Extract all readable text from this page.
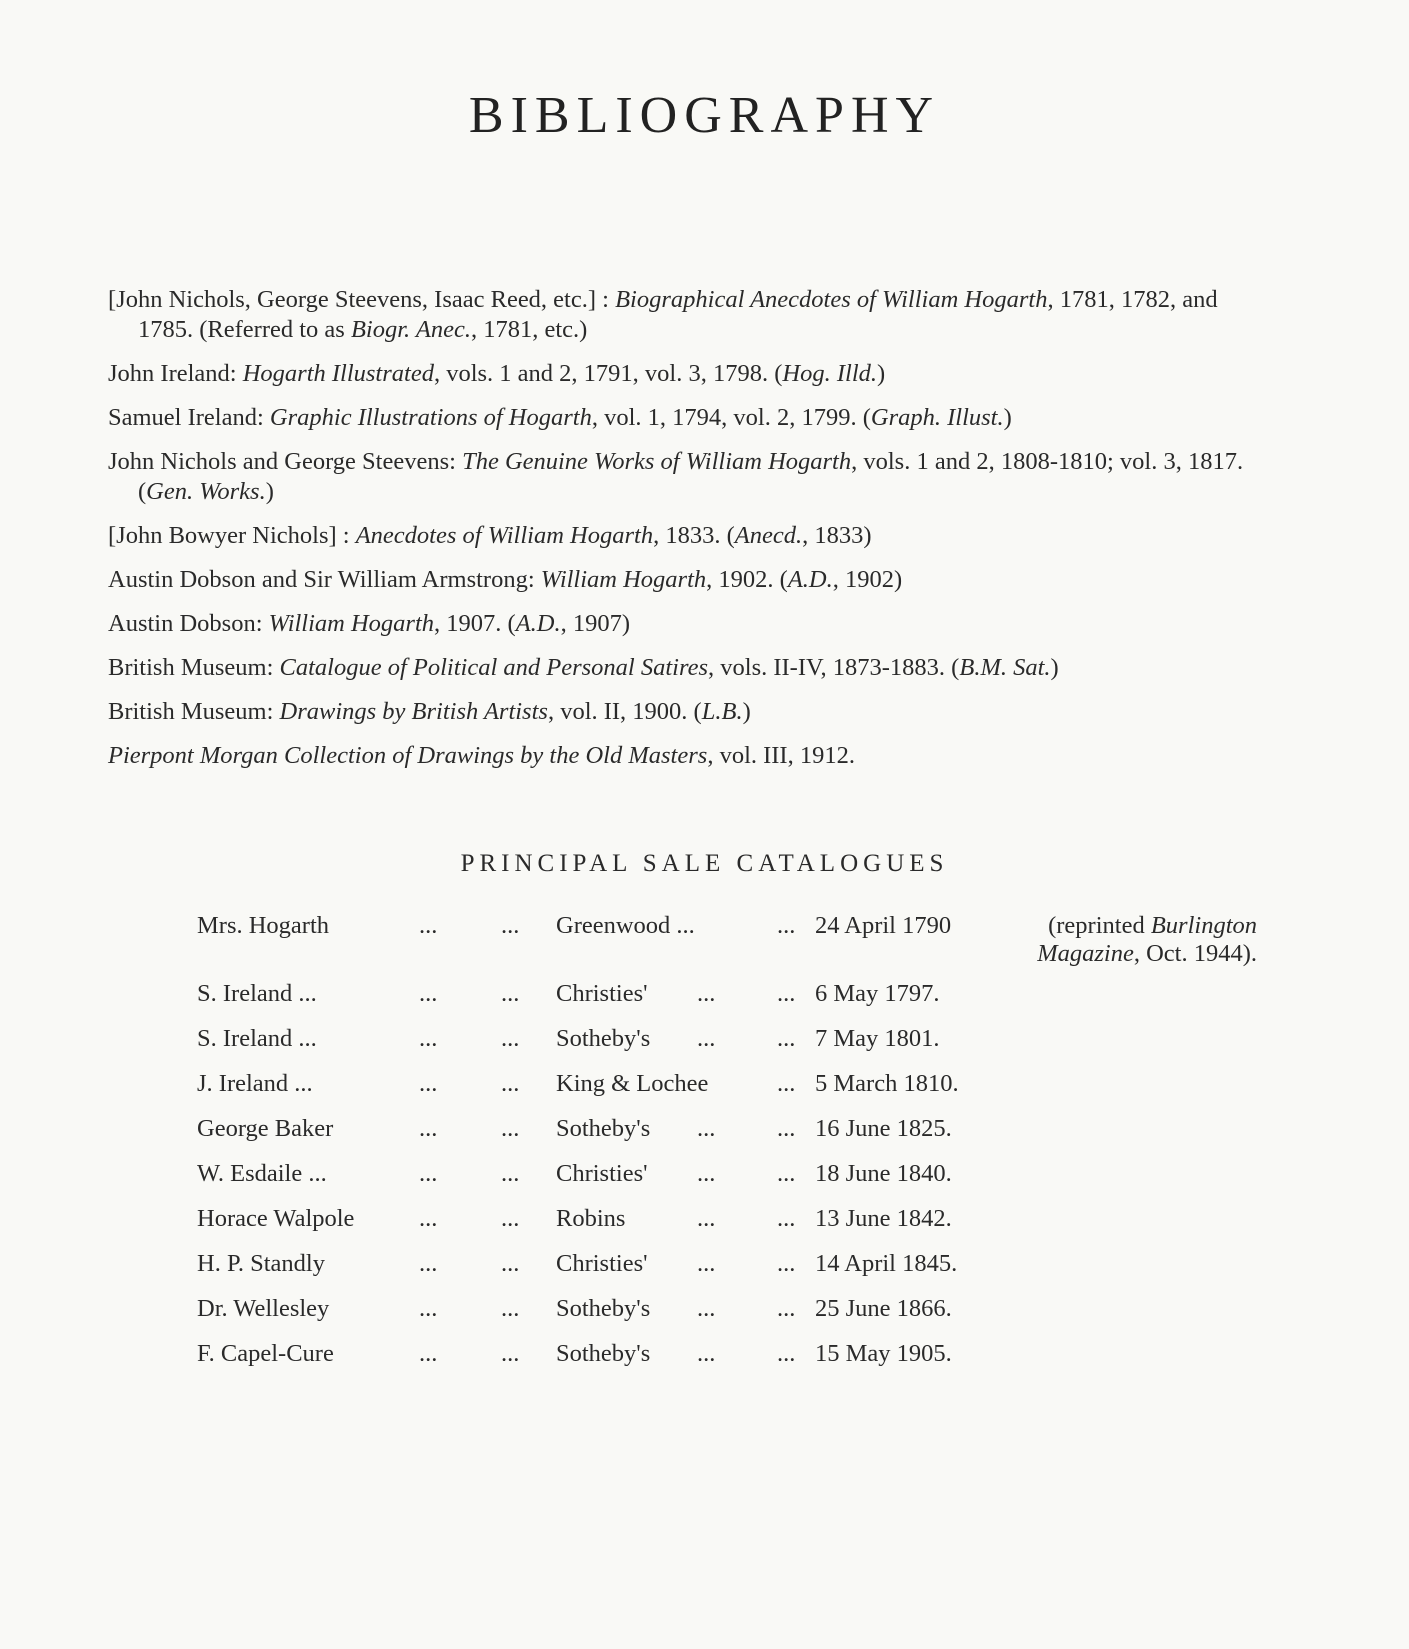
BIBLIOGRAPHY
[John Nichols, George Steevens, Isaac Reed, etc.] : Biographical Anecdotes of William Hogarth, 1781, 1782, and 1785. (Referred to as Biogr. Anec., 1781, etc.)
John Ireland: Hogarth Illustrated, vols. 1 and 2, 1791, vol. 3, 1798. (Hog. Illd.)
Samuel Ireland: Graphic Illustrations of Hogarth, vol. 1, 1794, vol. 2, 1799. (Graph. Illust.)
John Nichols and George Steevens: The Genuine Works of William Hogarth, vols. 1 and 2, 1808-1810; vol. 3, 1817. (Gen. Works.)
[John Bowyer Nichols] : Anecdotes of William Hogarth, 1833. (Anecd., 1833)
Austin Dobson and Sir William Armstrong: William Hogarth, 1902. (A.D., 1902)
Austin Dobson: William Hogarth, 1907. (A.D., 1907)
British Museum: Catalogue of Political and Personal Satires, vols. II-IV, 1873-1883. (B.M. Sat.)
British Museum: Drawings by British Artists, vol. II, 1900. (L.B.)
Pierpont Morgan Collection of Drawings by the Old Masters, vol. III, 1912.
PRINCIPAL SALE CATALOGUES
Mrs. Hogarth	...	... Greenwood ...	... 24 April 1790	(reprinted Burlington Magazine, Oct. 1944).
S. Ireland ...	...	... Christies' ...	... 6 May 1797.
S. Ireland ...	...	... Sotheby's ...	... 7 May 1801.
J. Ireland ...	...	... King & Lochee	... 5 March 1810.
George Baker	...	... Sotheby's ...	... 16 June 1825.
W. Esdaile ...	...	... Christies' ...	... 18 June 1840.
Horace Walpole	...	... Robins	...	... 13 June 1842.
H. P. Standly	...	... Christies' ...	... 14 April 1845.
Dr. Wellesley	...	... Sotheby's ...	... 25 June 1866.
F. Capel-Cure	...	... Sotheby's ...	... 15 May 1905.
